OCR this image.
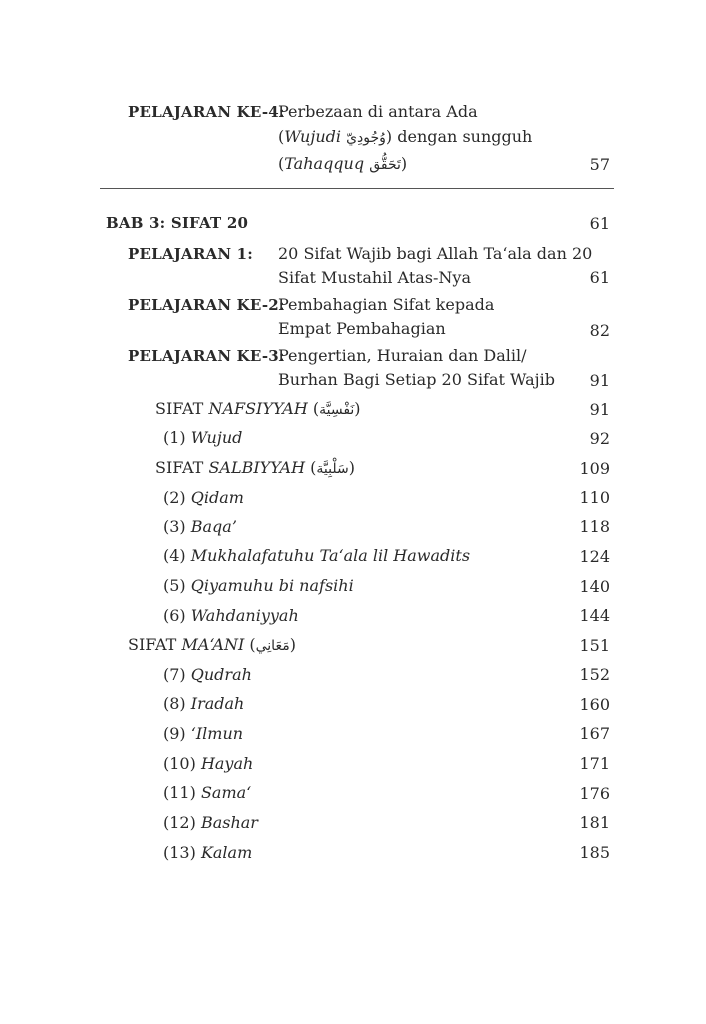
PELAJARAN KE-4:
Perbezaan di antara Ada
(Wujudi وُجُودِيّ) dengan sungguh
(Tahaqquq تَحَقُّق)	57
BAB 3: SIFAT 20	61
PELAJARAN 1: 20 Sifat Wajib bagi Allah Ta‘ala dan 20
Sifat Mustahil Atas-Nya	61
PELAJARAN KE-2:
Pembahagian Sifat kepada
Empat Pembahagian	82
PELAJARAN KE-3:
Pengertian, Huraian dan Dalil/
Burhan Bagi Setiap 20 Sifat Wajib 91
SIFAT NAFSIYYAH (نَفْسِيَّة)	91
(1) Wujud	92
SIFAT SALBIYYAH (سَلْبِيَّة)	109
(2) Qidam	110
(3) Baqa’	118
(4) Mukhalafatuhu Ta‘ala lil Hawadits	124
(5) Qiyamuhu bi nafsihi	140
(6) Wahdaniyyah	144
SIFAT MA‘ANI (مَعَانِي)	151
(7) Qudrah	152
(8) Iradah	160
(9) ‘Ilmun	167
(10) Hayah	171
(11) Sama‘	176
(12) Bashar	181
(13) Kalam	185
